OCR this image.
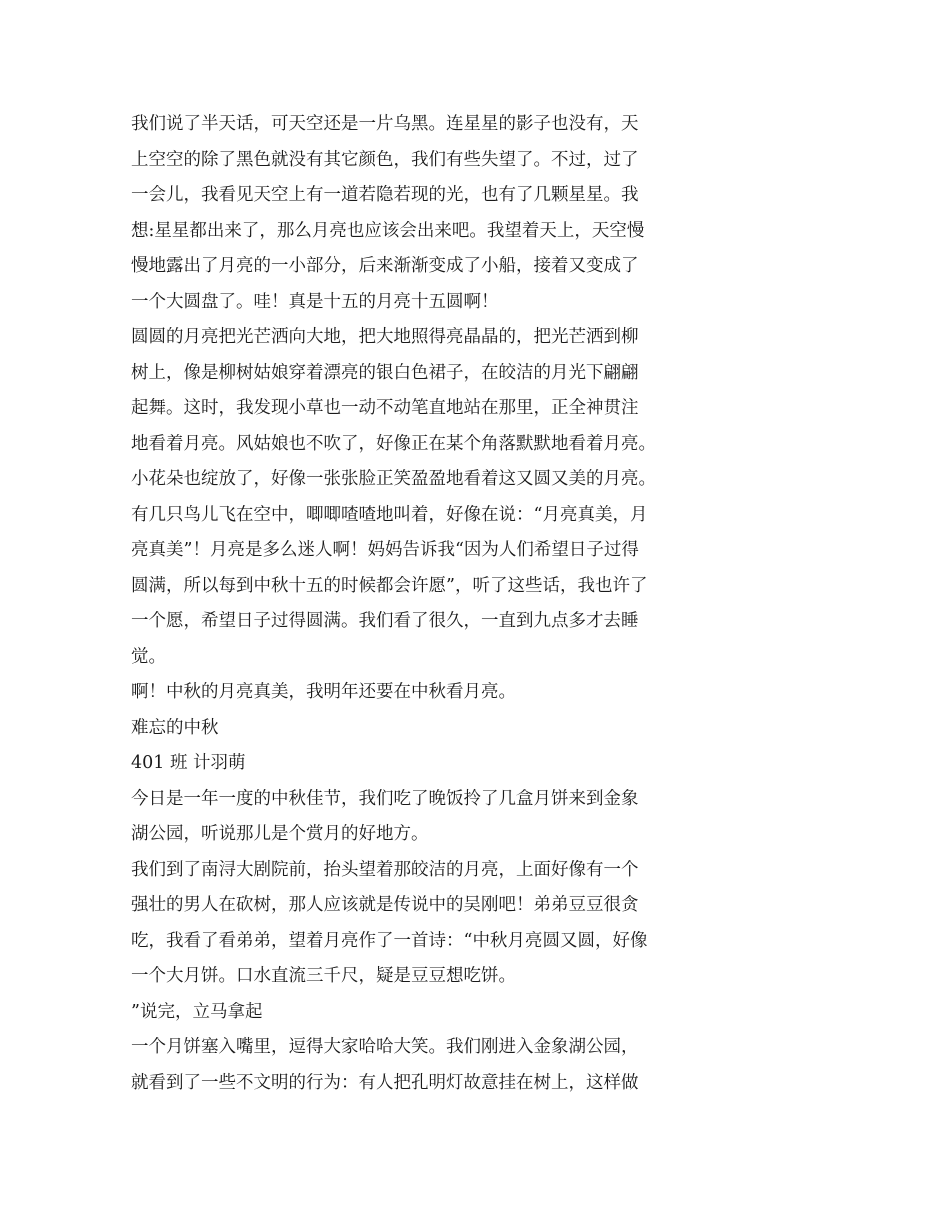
我们说了半天话，可天空还是一片乌黑。连星星的影子也没有，天
上空空的除了黑色就没有其它颜色，我们有些失望了。不过，过了
一会儿，我看见天空上有一道若隐若现的光，也有了几颗星星。我
想:星星都出来了，那么月亮也应该会出来吧。我望着天上，天空慢
慢地露出了月亮的一小部分，后来渐渐变成了小船，接着又变成了
一个大圆盘了。哇！真是十五的月亮十五圆啊！
圆圆的月亮把光芒洒向大地，把大地照得亮晶晶的，把光芒洒到柳
树上，像是柳树姑娘穿着漂亮的银白色裙子，在皎洁的月光下翩翩
起舞。这时，我发现小草也一动不动笔直地站在那里，正全神贯注
地看着月亮。风姑娘也不吹了，好像正在某个角落默默地看着月亮。
小花朵也绽放了，好像一张张脸正笑盈盈地看着这又圆又美的月亮。
有几只鸟儿飞在空中，唧唧喳喳地叫着，好像在说：“月亮真美，月
亮真美”！月亮是多么迷人啊！妈妈告诉我“因为人们希望日子过得
圆满，所以每到中秋十五的时候都会许愿”，听了这些话，我也许了
一个愿，希望日子过得圆满。我们看了很久，一直到九点多才去睡
觉。
啊！中秋的月亮真美，我明年还要在中秋看月亮。
难忘的中秋
401 班 计羽萌
今日是一年一度的中秋佳节，我们吃了晚饭拎了几盒月饼来到金象
湖公园，听说那儿是个赏月的好地方。
我们到了南浔大剧院前，抬头望着那皎洁的月亮，上面好像有一个
强壮的男人在砍树，那人应该就是传说中的吴刚吧！弟弟豆豆很贪
吃，我看了看弟弟，望着月亮作了一首诗：“中秋月亮圆又圆，好像
一个大月饼。口水直流三千尺，疑是豆豆想吃饼。
”说完，立马拿起
一个月饼塞入嘴里，逗得大家哈哈大笑。我们刚进入金象湖公园，
就看到了一些不文明的行为：有人把孔明灯故意挂在树上，这样做
